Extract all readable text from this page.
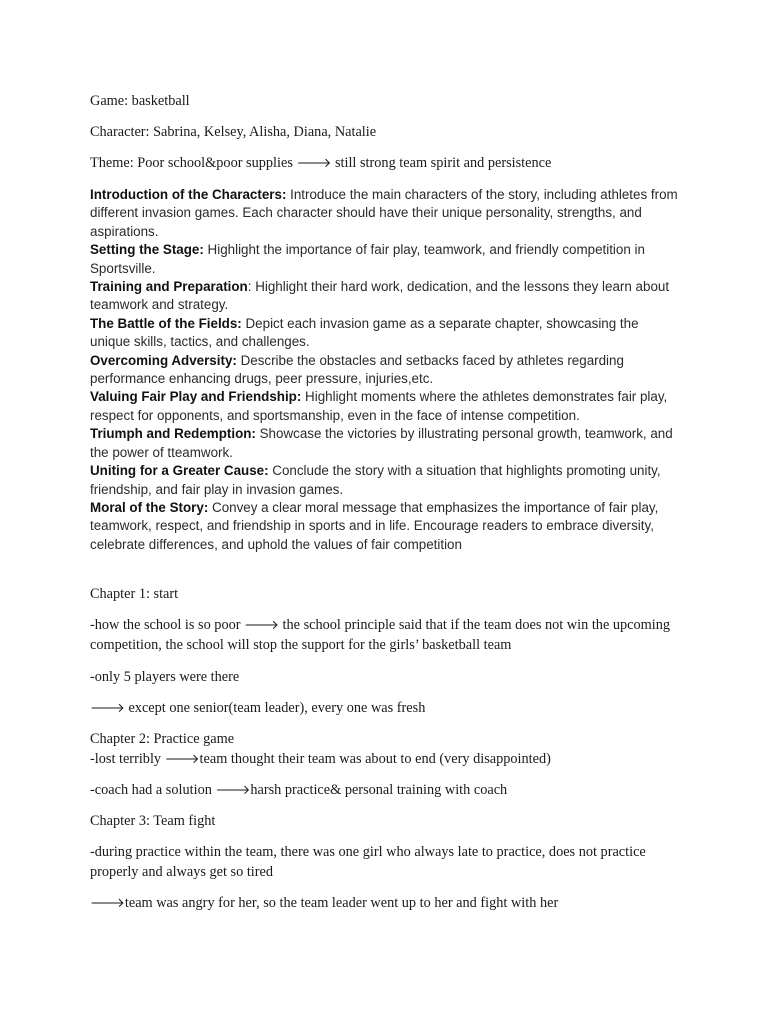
Game: basketball

Character: Sabrina, Kelsey, Alisha, Diana, Natalie

Theme: Poor school&poor supplies 🡒 still strong team spirit and persistence

Introduction of the Characters: Introduce the main characters of the story, including athletes from different invasion games. Each character should have their unique personality, strengths, and aspirations.
Setting the Stage: Highlight the importance of fair play, teamwork, and friendly competition in Sportsville.
Training and Preparation: Highlight their hard work, dedication, and the lessons they learn about teamwork and strategy.
The Battle of the Fields: Depict each invasion game as a separate chapter, showcasing the unique skills, tactics, and challenges.
Overcoming Adversity: Describe the obstacles and setbacks faced by athletes regarding performance enhancing drugs, peer pressure, injuries,etc.
Valuing Fair Play and Friendship: Highlight moments where the athletes demonstrates fair play, respect for opponents, and sportsmanship, even in the face of intense competition.
Triumph and Redemption: Showcase the victories by illustrating personal growth, teamwork, and the power of tteamwork.
Uniting for a Greater Cause: Conclude the story with a situation that highlights promoting unity, friendship, and fair play in invasion games.
Moral of the Story: Convey a clear moral message that emphasizes the importance of fair play, teamwork, respect, and friendship in sports and in life. Encourage readers to embrace diversity, celebrate differences, and uphold the values of fair competition

Chapter 1: start

-how the school is so poor 🡒 the school principle said that if the team does not win the upcoming competition, the school will stop the support for the girls’ basketball team

-only 5 players were there

🡒 except one senior(team leader), every one was fresh

Chapter 2: Practice game

-lost terribly 🡒team thought their team was about to end (very disappointed)

-coach had a solution 🡒harsh practice& personal training with coach

Chapter 3: Team fight

-during practice within the team, there was one girl who always late to practice, does not practice properly and always get so tired

🡒team was angry for her, so the team leader went up to her and fight with her
